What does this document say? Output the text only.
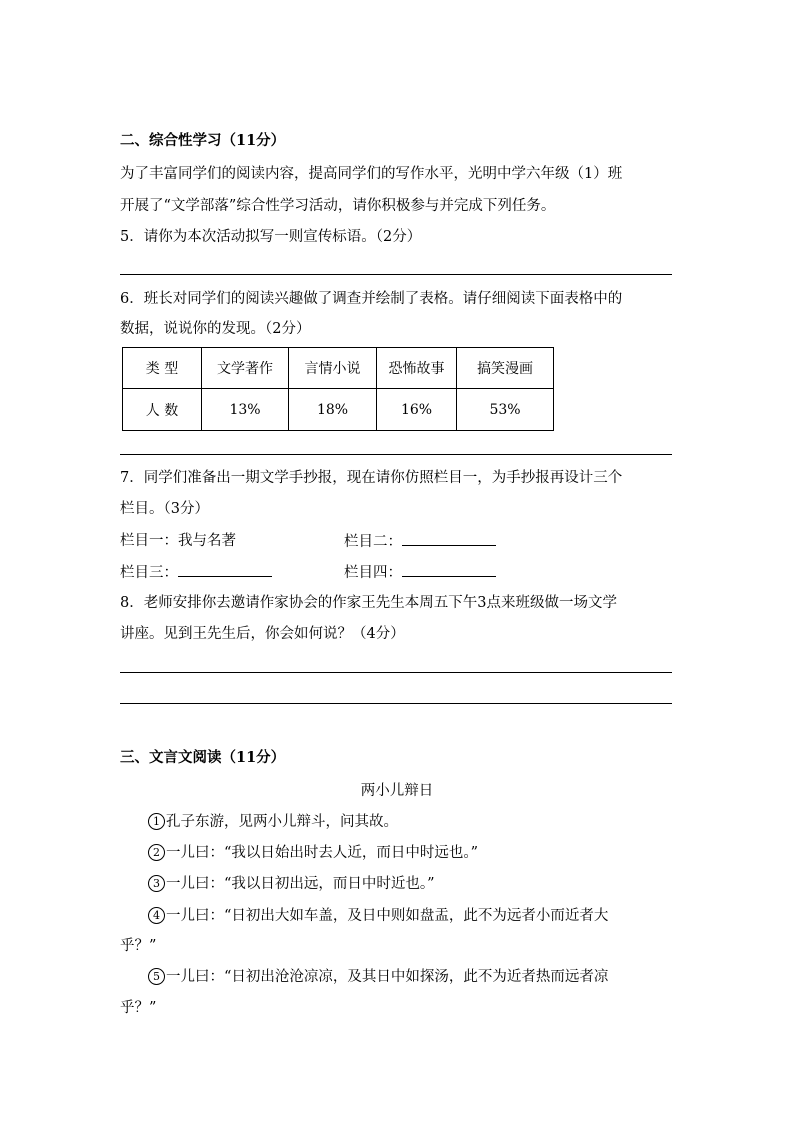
二、综合性学习（11分）
为了丰富同学们的阅读内容，提高同学们的写作水平，光明中学六年级（1）班
开展了“文学部落”综合性学习活动，请你积极参与并完成下列任务。
5．请你为本次活动拟写一则宣传标语。（2分）
6．班长对同学们的阅读兴趣做了调查并绘制了表格。请仔细阅读下面表格中的
数据，说说你的发现。（2分）
类 型	文学著作	言情小说	恐怖故事	搞笑漫画
人 数	13%	18%	16%	53%
7．同学们准备出一期文学手抄报，现在请你仿照栏目一，为手抄报再设计三个
栏目。（3分）
栏目一：我与名著	栏目二：
栏目三：	栏目四：
8．老师安排你去邀请作家协会的作家王先生本周五下午3点来班级做一场文学
讲座。见到王先生后，你会如何说？（4分）
三、文言文阅读（11分）
两小儿辩日
1 孔子东游，见两小儿辩斗，问其故。
2 一儿曰：“我以日始出时去人近，而日中时远也。”
3 一儿曰：“我以日初出远，而日中时近也。”
4 一儿曰：“日初出大如车盖，及日中则如盘盂，此不为远者小而近者大
乎？”
5 一儿曰：“日初出沧沧凉凉，及其日中如探汤，此不为近者热而远者凉
乎？”
